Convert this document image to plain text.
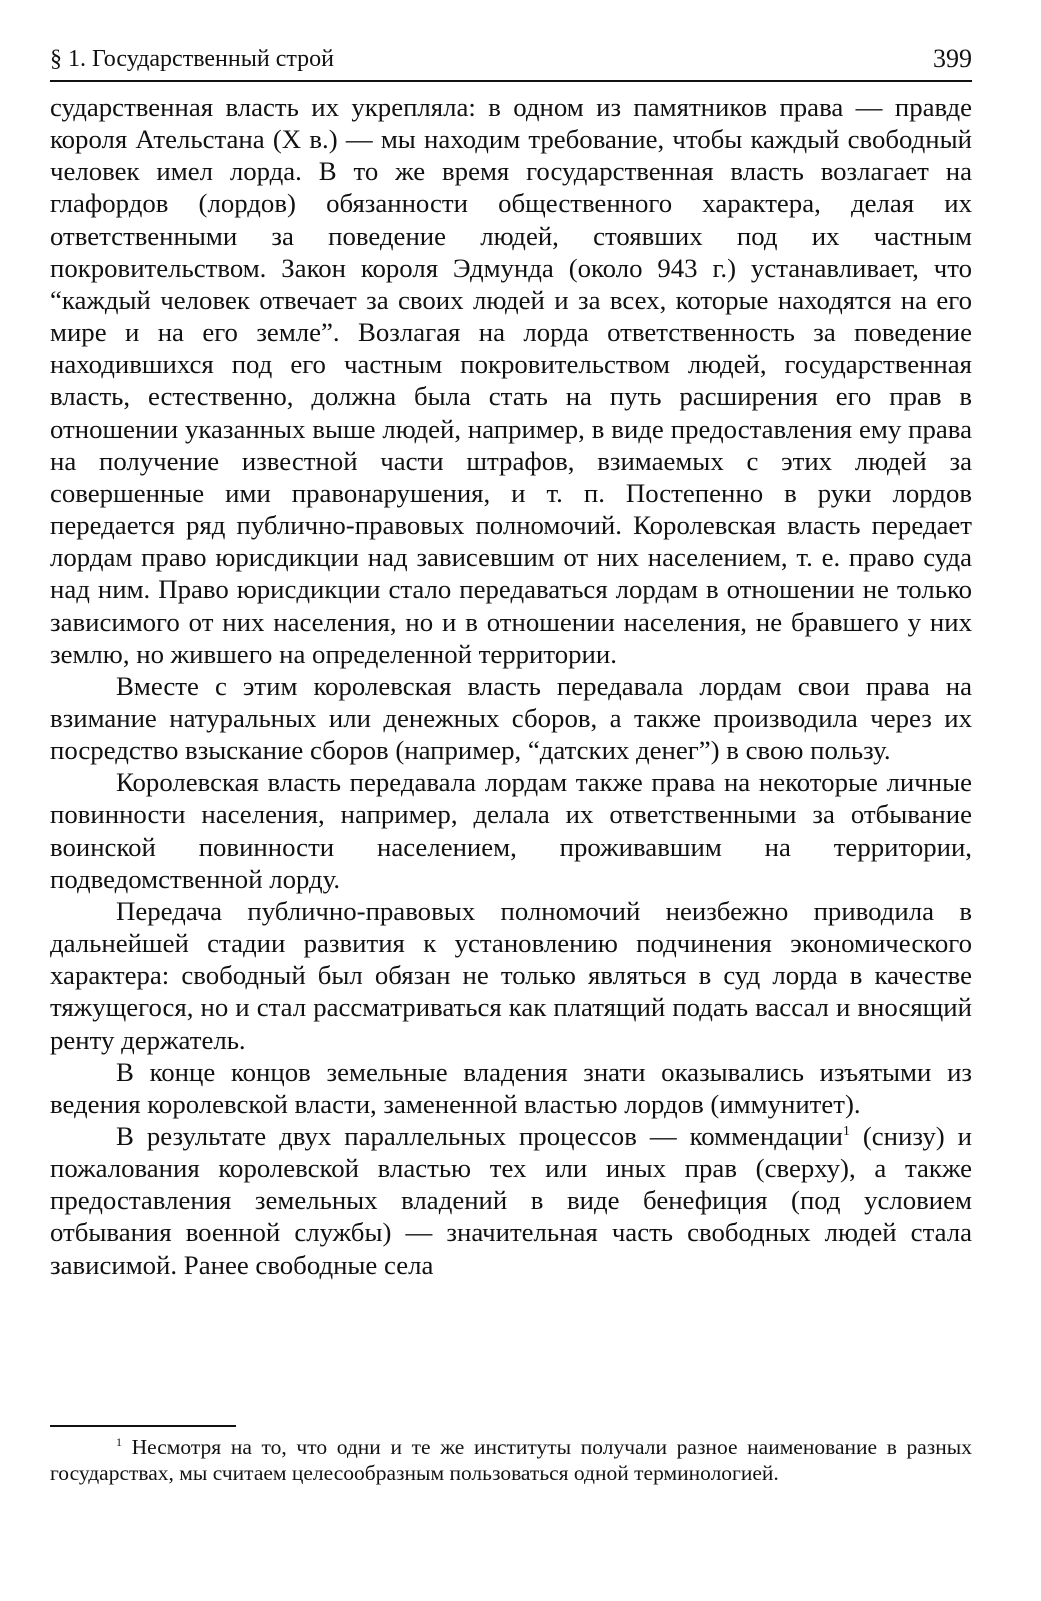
§ 1. Государственный строй	399

сударственная власть их укрепляла: в одном из памятников права — правде короля Ательстана (X в.) — мы находим требование, чтобы каждый свободный человек имел лорда. В то же время государственная власть возлагает на глафордов (лордов) обязанности общественного характера, делая их ответственными за поведение людей, стоявших под их частным покровительством. Закон короля Эдмунда (около 943 г.) устанавливает, что “каждый человек отвечает за своих людей и за всех, которые находятся на его мире и на его земле”. Возлагая на лорда ответственность за поведение находившихся под его частным покровительством людей, государственная власть, естественно, должна была стать на путь расширения его прав в отношении указанных выше людей, например, в виде предоставления ему права на получение известной части штрафов, взимаемых с этих людей за совершенные ими правонарушения, и т. п. Постепенно в руки лордов передается ряд публично-правовых полномочий. Королевская власть передает лордам право юрисдикции над зависевшим от них населением, т. е. право суда над ним. Право юрисдикции стало передаваться лордам в отношении не только зависимого от них населения, но и в отношении населения, не бравшего у них землю, но жившего на определенной территории.

Вместе с этим королевская власть передавала лордам свои права на взимание натуральных или денежных сборов, а также производила через их посредство взыскание сборов (например, “датских денег”) в свою пользу.

Королевская власть передавала лордам также права на некоторые личные повинности населения, например, делала их ответственными за отбывание воинской повинности населением, проживавшим на территории, подведомственной лорду.

Передача публично-правовых полномочий неизбежно приводила в дальнейшей стадии развития к установлению подчинения экономического характера: свободный был обязан не только являться в суд лорда в качестве тяжущегося, но и стал рассматриваться как платящий подать вассал и вносящий ренту держатель.

В конце концов земельные владения знати оказывались изъятыми из ведения королевской власти, замененной властью лордов (иммунитет).

В результате двух параллельных процессов — коммендации$^1$ (снизу) и пожалования королевской властью тех или иных прав (сверху), а также предоставления земельных владений в виде бенефиция (под условием отбывания военной службы) — значительная часть свободных людей стала зависимой. Ранее свободные села

$^1$ Несмотря на то, что одни и те же институты получали разное наименование в разных государствах, мы считаем целесообразным пользоваться одной терминологией.
